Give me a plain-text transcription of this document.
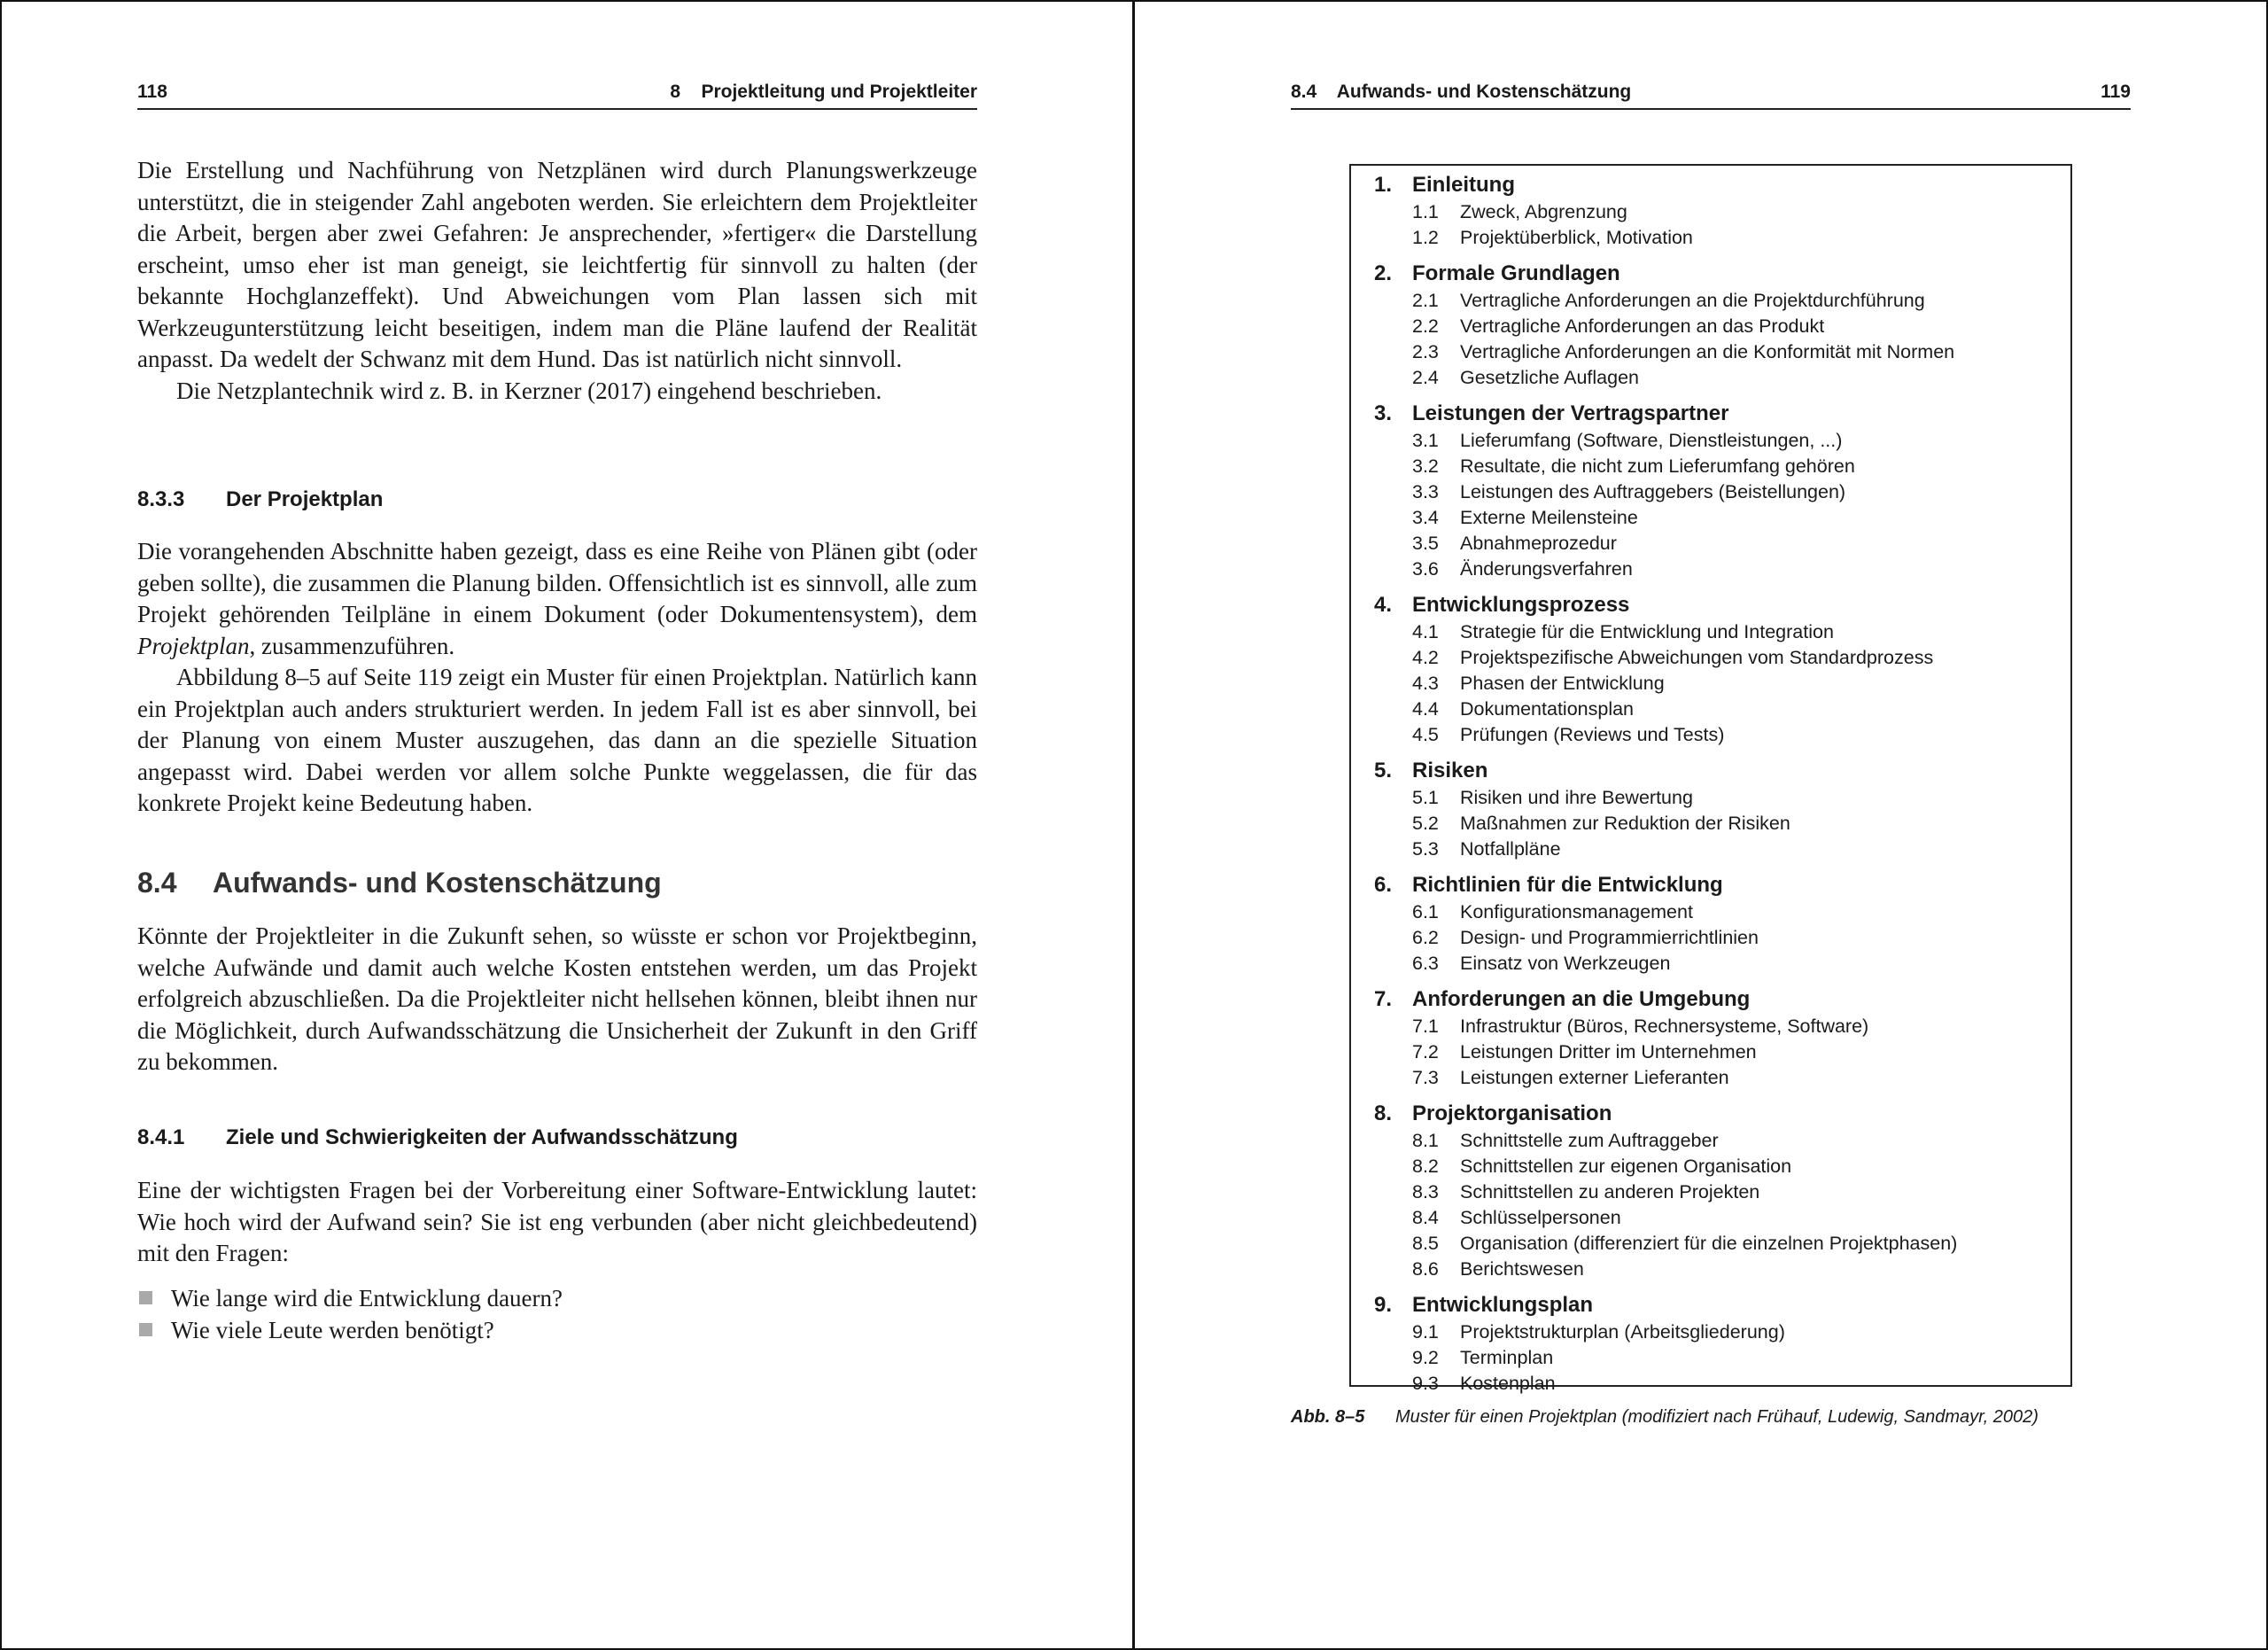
118	8    Projektleitung und Projektleiter

Die Erstellung und Nachführung von Netzplänen wird durch Planungswerkzeuge unterstützt, die in steigender Zahl angeboten werden. Sie erleichtern dem Projektleiter die Arbeit, bergen aber zwei Gefahren: Je ansprechender, »fertiger« die Darstellung erscheint, umso eher ist man geneigt, sie leichtfertig für sinnvoll zu halten (der bekannte Hochglanzeffekt). Und Abweichungen vom Plan lassen sich mit Werkzeugunterstützung leicht beseitigen, indem man die Pläne laufend der Realität anpasst. Da wedelt der Schwanz mit dem Hund. Das ist natürlich nicht sinnvoll.

Die Netzplantechnik wird z. B. in Kerzner (2017) eingehend beschrieben.

8.3.3 Der Projektplan

Die vorangehenden Abschnitte haben gezeigt, dass es eine Reihe von Plänen gibt (oder geben sollte), die zusammen die Planung bilden. Offensichtlich ist es sinnvoll, alle zum Projekt gehörenden Teilpläne in einem Dokument (oder Dokumentensystem), dem Projektplan, zusammenzuführen.

Abbildung 8–5 auf Seite 119 zeigt ein Muster für einen Projektplan. Natürlich kann ein Projektplan auch anders strukturiert werden. In jedem Fall ist es aber sinnvoll, bei der Planung von einem Muster auszugehen, das dann an die spezielle Situation angepasst wird. Dabei werden vor allem solche Punkte weggelassen, die für das konkrete Projekt keine Bedeutung haben.

8.4 Aufwands- und Kostenschätzung

Könnte der Projektleiter in die Zukunft sehen, so wüsste er schon vor Projektbeginn, welche Aufwände und damit auch welche Kosten entstehen werden, um das Projekt erfolgreich abzuschließen. Da die Projektleiter nicht hellsehen können, bleibt ihnen nur die Möglichkeit, durch Aufwandsschätzung die Unsicherheit der Zukunft in den Griff zu bekommen.

8.4.1 Ziele und Schwierigkeiten der Aufwandsschätzung

Eine der wichtigsten Fragen bei der Vorbereitung einer Software-Entwicklung lautet: Wie hoch wird der Aufwand sein? Sie ist eng verbunden (aber nicht gleichbedeutend) mit den Fragen:

Wie lange wird die Entwicklung dauern?
Wie viele Leute werden benötigt?
8.4    Aufwands- und Kostenschätzung	119
1. Einleitung
1.1 Zweck, Abgrenzung
1.2 Projektüberblick, Motivation
2. Formale Grundlagen
2.1 Vertragliche Anforderungen an die Projektdurchführung
2.2 Vertragliche Anforderungen an das Produkt
2.3 Vertragliche Anforderungen an die Konformität mit Normen
2.4 Gesetzliche Auflagen
3. Leistungen der Vertragspartner
3.1 Lieferumfang (Software, Dienstleistungen, ...)
3.2 Resultate, die nicht zum Lieferumfang gehören
3.3 Leistungen des Auftraggebers (Beistellungen)
3.4 Externe Meilensteine
3.5 Abnahmeprozedur
3.6 Änderungsverfahren
4. Entwicklungsprozess
4.1 Strategie für die Entwicklung und Integration
4.2 Projektspezifische Abweichungen vom Standardprozess
4.3 Phasen der Entwicklung
4.4 Dokumentationsplan
4.5 Prüfungen (Reviews und Tests)
5. Risiken
5.1 Risiken und ihre Bewertung
5.2 Maßnahmen zur Reduktion der Risiken
5.3 Notfallpläne
6. Richtlinien für die Entwicklung
6.1 Konfigurationsmanagement
6.2 Design- und Programmierrichtlinien
6.3 Einsatz von Werkzeugen
7. Anforderungen an die Umgebung
7.1 Infrastruktur (Büros, Rechnersysteme, Software)
7.2 Leistungen Dritter im Unternehmen
7.3 Leistungen externer Lieferanten
8. Projektorganisation
8.1 Schnittstelle zum Auftraggeber
8.2 Schnittstellen zur eigenen Organisation
8.3 Schnittstellen zu anderen Projekten
8.4 Schlüsselpersonen
8.5 Organisation (differenziert für die einzelnen Projektphasen)
8.6 Berichtswesen
9. Entwicklungsplan
9.1 Projektstrukturplan (Arbeitsgliederung)
9.2 Terminplan
9.3 Kostenplan
Abb. 8–5 Muster für einen Projektplan (modifiziert nach Frühauf, Ludewig, Sandmayr, 2002)
